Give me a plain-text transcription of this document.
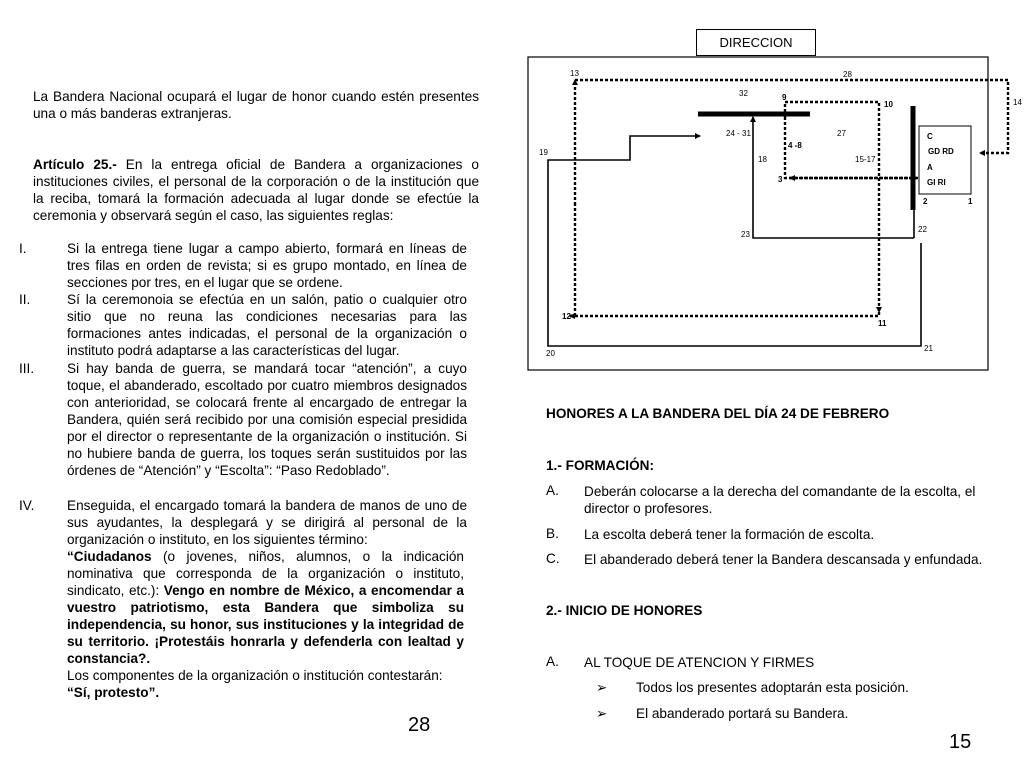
La Bandera Nacional ocupará el lugar de honor cuando estén presentes una o más banderas extranjeras.
Artículo 25.- En la entrega oficial de Bandera a organizaciones o instituciones civiles, el personal de la corporación o de la institución que la reciba, tomará la formación adecuada al lugar donde se efectúe la ceremonia y observará según el caso, las siguientes reglas:
I.	Si la entrega tiene lugar a campo abierto, formará en líneas de tres filas en orden de revista; si es grupo montado, en línea de secciones por tres, en el lugar que se ordene.
II.	Sí la ceremonoia se efectúa en un salón, patio o cualquier otro sitio que no reuna las condiciones necesarias para las formaciones antes indicadas, el personal de la organización o instituto podrá adaptarse a las características del lugar.
III. Si hay banda de guerra, se mandará tocar “atención”, a cuyo toque, el abanderado, escoltado por cuatro miembros designados con anterioridad, se colocará frente al encargado de entregar la Bandera, quién será recibido por una comisión especial presidida por el director o representante de la organización o institución. Si no hubiere banda de guerra, los toques serán sustituidos por las órdenes de “Atención” y “Escolta”: “Paso Redoblado”.
IV. Enseguida, el encargado tomará la bandera de manos de uno de sus ayudantes, la desplegará y se dirigirá al personal de la organización o instituto, en los siguientes término:
“Ciudadanos (o jovenes, niños, alumnos, o la indicación nominativa que corresponda de la organización o instituto, sindicato, etc.): Vengo en nombre de México, a encomendar a vuestro patriotismo, esta Bandera que simboliza su independencia, su honor, sus instituciones y la integridad de su territorio. ¡Protestáis honrarla y defenderla con lealtad y constancia?.
Los componentes de la organización o institución contestarán:
“Sí, protesto”.
28
13	28
14
32	9
10
24 - 31	27
4 -8
19
18	15-17
3
23
22
12
11
20
21
C
GD RD
A
GI RI
2	1
DIRECCION
HONORES A LA BANDERA DEL DÍA 24 DE FEBRERO
1.- FORMACIÓN:
A. Deberán colocarse a la derecha del comandante de la escolta, el director o profesores.
B. La escolta deberá tener la formación de escolta.
C. El abanderado deberá tener la Bandera descansada y enfundada.
2.- INICIO DE HONORES
A. AL TOQUE DE ATENCION Y FIRMES
➢ Todos los presentes adoptarán esta posición.
➢ El abanderado portará su Bandera.
15
